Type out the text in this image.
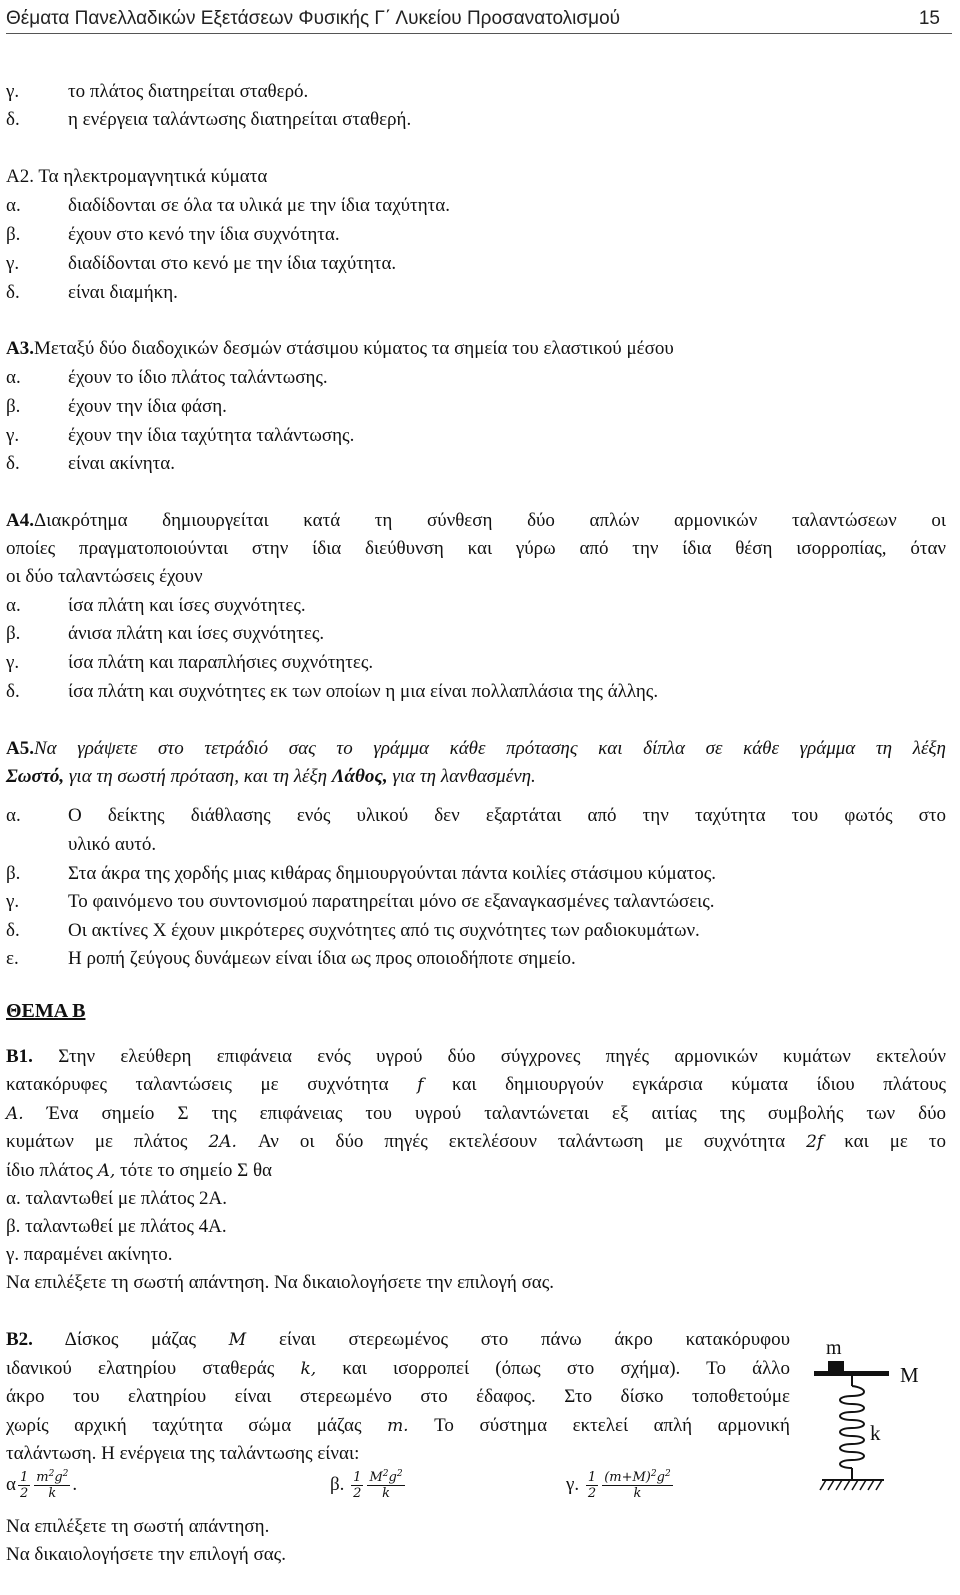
Θέματα Πανελλαδικών Εξετάσεων Φυσικής Γ΄ Λυκείου Προσανατολισμού	15
γ.	το πλάτος διατηρείται σταθερό.
δ.	η ενέργεια ταλάντωσης διατηρείται σταθερή.
Α2. Τα ηλεκτρομαγνητικά κύματα
α. διαδίδονται σε όλα τα υλικά με την ίδια ταχύτητα.
β.	έχουν στο κενό την ίδια συχνότητα.
γ.	διαδίδονται στο κενό με την ίδια ταχύτητα.
δ.	είναι διαμήκη.
Α3.Μεταξύ δύο διαδοχικών δεσμών στάσιμου κύματος τα σημεία του ελαστικού μέσου
α. έχουν το ίδιο πλάτος ταλάντωσης.
β.	έχουν την ίδια φάση.
γ.	έχουν την ίδια ταχύτητα ταλάντωσης.
δ.	είναι ακίνητα.
Α4.Διακρότημα δημιουργείται κατά τη σύνθεση δύο απλών αρμονικών ταλαντώσεων οι
οποίες πραγματοποιούνται στην ίδια διεύθυνση και γύρω από την ίδια θέση ισορροπίας, όταν
οι δύο ταλαντώσεις έχουν
α. ίσα πλάτη και ίσες συχνότητες.
β.	άνισα πλάτη και ίσες συχνότητες.
γ.	ίσα πλάτη και παραπλήσιες συχνότητες.
δ.	ίσα πλάτη και συχνότητες εκ των οποίων η μια είναι πολλαπλάσια της άλλης.
Α5.Να γράψετε στο τετράδιό σας το γράμμα κάθε πρότασης και δίπλα σε κάθε γράμμα τη λέξη
Σωστό, για τη σωστή πρόταση, και τη λέξη Λάθος, για τη λανθασμένη.
α. Ο δείκτης διάθλασης ενός υλικού δεν εξαρτάται από την ταχύτητα του φωτός στο
υλικό αυτό.
β.	Στα άκρα της χορδής μιας κιθάρας δημιουργούνται πάντα κοιλίες στάσιμου κύματος.
γ.	Το φαινόμενο του συντονισμού παρατηρείται μόνο σε εξαναγκασμένες ταλαντώσεις.
δ.	Οι ακτίνες X έχουν μικρότερες συχνότητες από τις συχνότητες των ραδιοκυμάτων.
ε.	Η ροπή ζεύγους δυνάμεων είναι ίδια ως προς οποιοδήποτε σημείο.
ΘΕΜΑ Β
Β1. Στην ελεύθερη επιφάνεια ενός υγρού δύο σύγχρονες πηγές αρμονικών κυμάτων εκτελούν
κατακόρυφες ταλαντώσεις με συχνότητα f και δημιουργούν εγκάρσια κύματα ίδιου πλάτους
A. Ένα σημείο Σ της επιφάνειας του υγρού ταλαντώνεται εξ αιτίας της συμβολής των δύο
κυμάτων με πλάτος 2A. Αν οι δύο πηγές εκτελέσουν ταλάντωση με συχνότητα 2f και με το
ίδιο πλάτος A, τότε το σημείο Σ θα
α. ταλαντωθεί με πλάτος 2Α.
β. ταλαντωθεί με πλάτος 4Α.
γ. παραμένει ακίνητο.
Να επιλέξετε τη σωστή απάντηση. Να δικαιολογήσετε την επιλογή σας.
Β2. Δίσκος μάζας M είναι στερεωμένος στο πάνω άκρο κατακόρυφου
ιδανικού ελατηρίου σταθεράς k, και ισορροπεί (όπως στο σχήμα). Το άλλο
άκρο του ελατηρίου είναι στερεωμένο στο έδαφος. Στο δίσκο τοποθετούμε
χωρίς αρχική ταχύτητα σώμα μάζας m. Το σύστημα εκτελεί απλή αρμονική
ταλάντωση. Η ενέργεια της ταλάντωσης είναι:
α $\frac{1}{2} \frac{m^2g^2}{k}$ .	β. $\frac{1}{2} \frac{M^2g^2}{k}$	γ. $\frac{1}{2} \frac{(m+M)^2g^2}{k}$
Να επιλέξετε τη σωστή απάντηση.
Να δικαιολογήσετε την επιλογή σας.
m
M
k
